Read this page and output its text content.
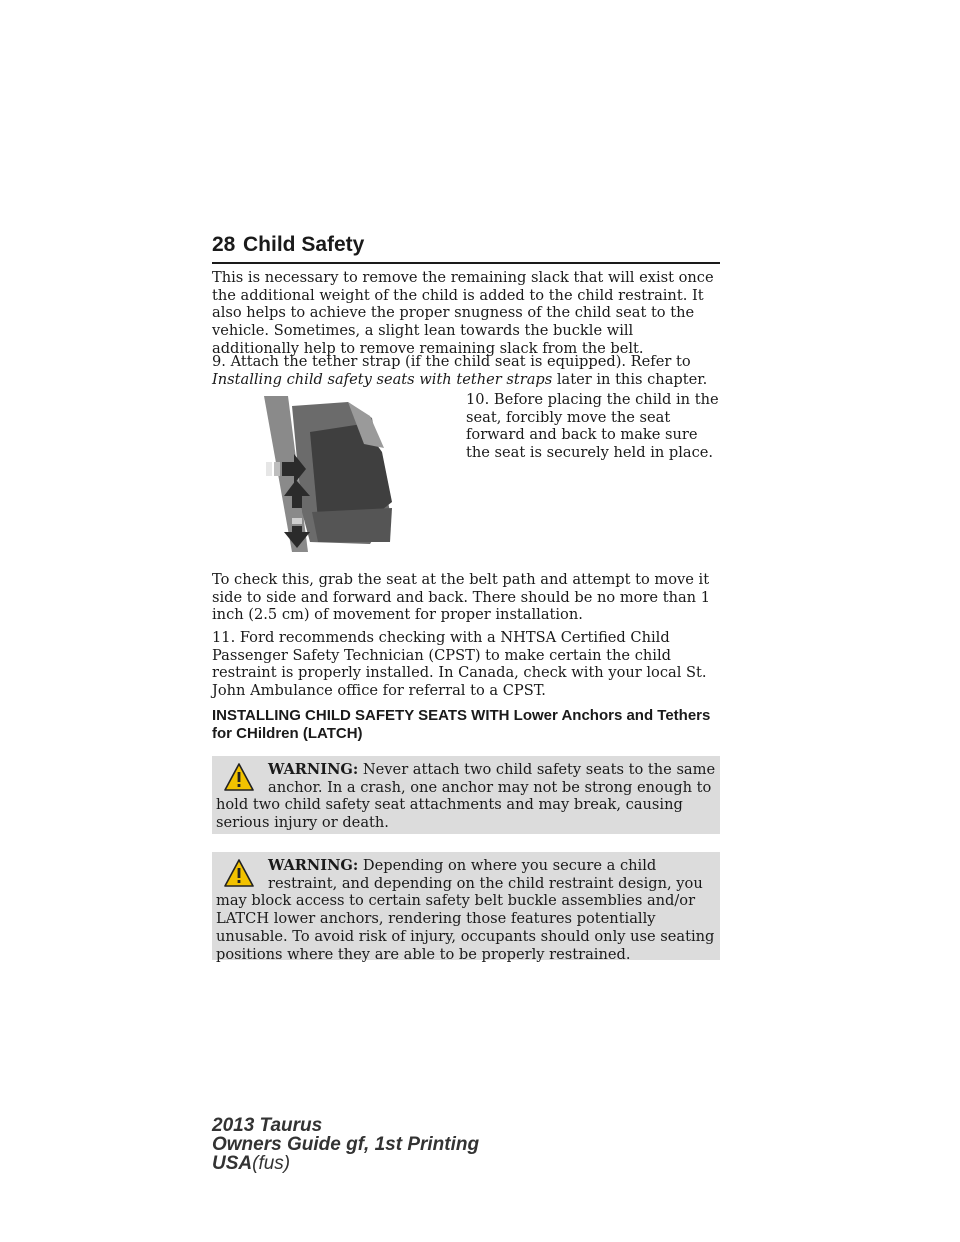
28 Child Safety

This is necessary to remove the remaining slack that will exist once the additional weight of the child is added to the child restraint. It also helps to achieve the proper snugness of the child seat to the vehicle. Sometimes, a slight lean towards the buckle will additionally help to remove remaining slack from the belt.

9. Attach the tether strap (if the child seat is equipped). Refer to Installing child safety seats with tether straps later in this chapter.

10. Before placing the child in the seat, forcibly move the seat forward and back to make sure the seat is securely held in place.

To check this, grab the seat at the belt path and attempt to move it side to side and forward and back. There should be no more than 1 inch (2.5 cm) of movement for proper installation.

11. Ford recommends checking with a NHTSA Certified Child Passenger Safety Technician (CPST) to make certain the child restraint is properly installed. In Canada, check with your local St. John Ambulance office for referral to a CPST.

INSTALLING CHILD SAFETY SEATS WITH Lower Anchors and Tethers for CHildren (LATCH)

WARNING: Never attach two child safety seats to the same anchor. In a crash, one anchor may not be strong enough to hold two child safety seat attachments and may break, causing serious injury or death.

WARNING: Depending on where you secure a child restraint, and depending on the child restraint design, you may block access to certain safety belt buckle assemblies and/or LATCH lower anchors, rendering those features potentially unusable. To avoid risk of injury, occupants should only use seating positions where they are able to be properly restrained.

2013 Taurus
Owners Guide gf, 1st Printing
USA(fus)
